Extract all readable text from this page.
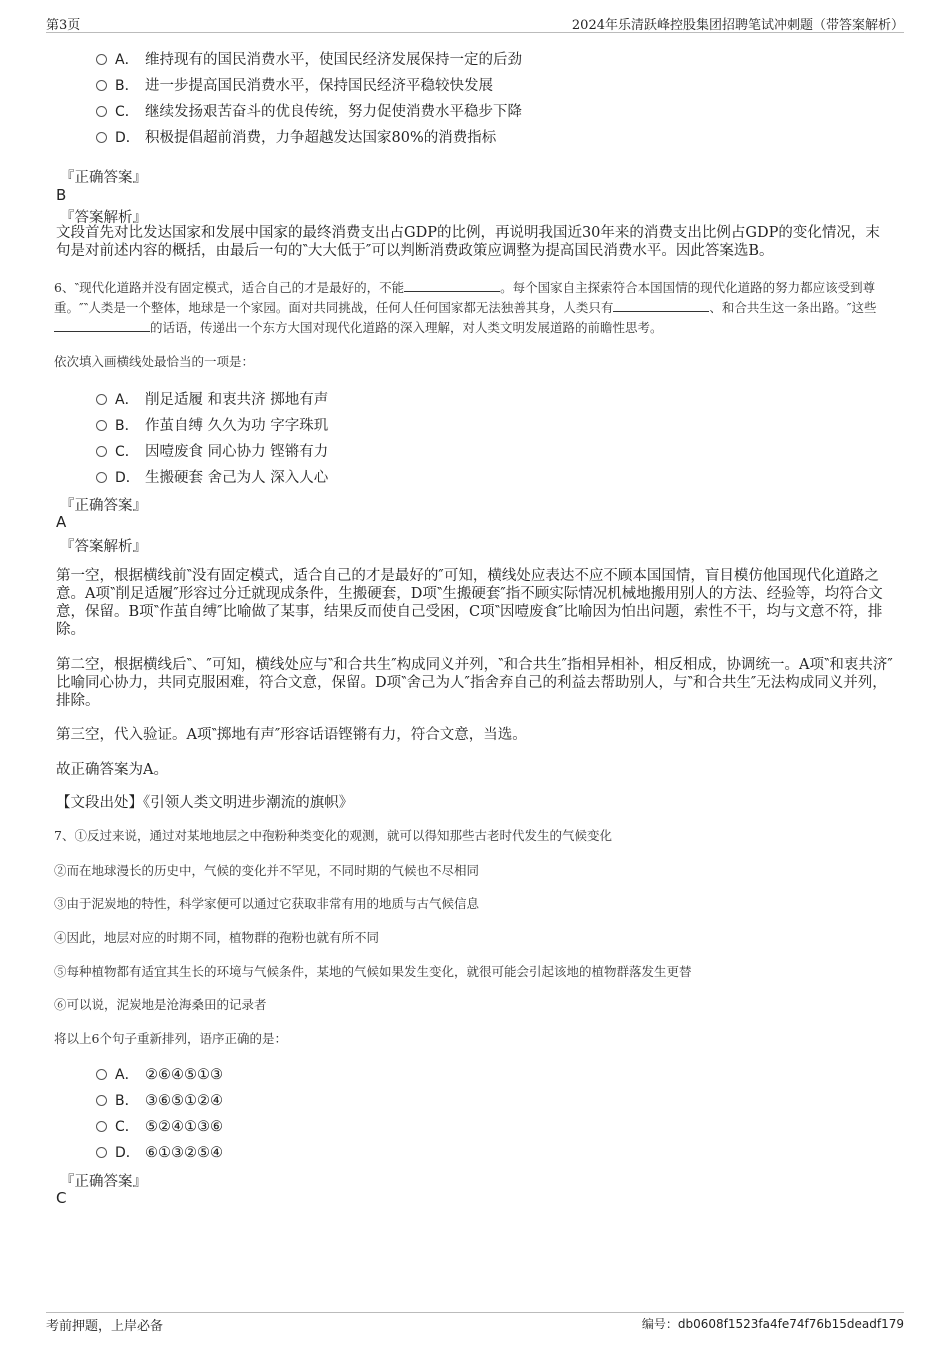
第3页	2024年乐清跃峰控股集团招聘笔试冲刺题（带答案解析）
A． 维持现有的国民消费水平，使国民经济发展保持一定的后劲
B． 进一步提高国民消费水平，保持国民经济平稳较快发展
C． 继续发扬艰苦奋斗的优良传统，努力促使消费水平稳步下降
D． 积极提倡超前消费，力争超越发达国家80%的消费指标
『正确答案』
B
『答案解析』
文段首先对比发达国家和发展中国家的最终消费支出占GDP的比例，再说明我国近30年来的消费支出比例占GDP的变化情况，末句是对前述内容的概括，由最后一句的‶大大低于″可以判断消费政策应调整为提高国民消费水平。因此答案选B。
6、‶现代化道路并没有固定模式，适合自己的才是最好的，不能	。每个国家自主探索符合本国国情的现代化道路的努力都应该受到尊重。″‶人类是一个整体，地球是一个家园。面对共同挑战，任何人任何国家都无法独善其身，人类只有	、和合共生这一条出路。″这些的话语，传递出一个东方大国对现代化道路的深入理解，对人类文明发展道路的前瞻性思考。
依次填入画横线处最恰当的一项是：
A． 削足适履 和衷共济 掷地有声
B． 作茧自缚 久久为功 字字珠玑
C． 因噎废食 同心协力 铿锵有力
D． 生搬硬套 舍己为人 深入人心
『正确答案』
A
『答案解析』
第一空，根据横线前‶没有固定模式，适合自己的才是最好的″可知，横线处应表达不应不顾本国国情，盲目模仿他国现代化道路之意。A项‶削足适履″形容过分迁就现成条件，生搬硬套，D项‶生搬硬套″指不顾实际情况机械地搬用别人的方法、经验等，均符合文意，保留。B项‶作茧自缚″比喻做了某事，结果反而使自己受困，C项‶因噎废食″比喻因为怕出问题，索性不干，均与文意不符，排除。
第二空，根据横线后‶、″可知，横线处应与‶和合共生″构成同义并列，‶和合共生″指相异相补，相反相成，协调统一。A项‶和衷共济″比喻同心协力，共同克服困难，符合文意，保留。D项‶舍己为人″指舍弃自己的利益去帮助别人，与‶和合共生″无法构成同义并列，排除。
第三空，代入验证。A项‶掷地有声″形容话语铿锵有力，符合文意，当选。
故正确答案为A。
【文段出处】《引领人类文明进步潮流的旗帜》
7、①反过来说，通过对某地地层之中孢粉种类变化的观测，就可以得知那些古老时代发生的气候变化
②而在地球漫长的历史中，气候的变化并不罕见，不同时期的气候也不尽相同
③由于泥炭地的特性，科学家便可以通过它获取非常有用的地质与古气候信息
④因此，地层对应的时期不同，植物群的孢粉也就有所不同
⑤每种植物都有适宜其生长的环境与气候条件，某地的气候如果发生变化，就很可能会引起该地的植物群落发生更替
⑥可以说，泥炭地是沧海桑田的记录者
将以上6个句子重新排列，语序正确的是：
A． ②⑥④⑤①③
B． ③⑥⑤①②④
C． ⑤②④①③⑥
D． ⑥①③②⑤④
『正确答案』
C
考前押题，上岸必备	编号：db0608f1523fa4fe74f76b15deadf179
